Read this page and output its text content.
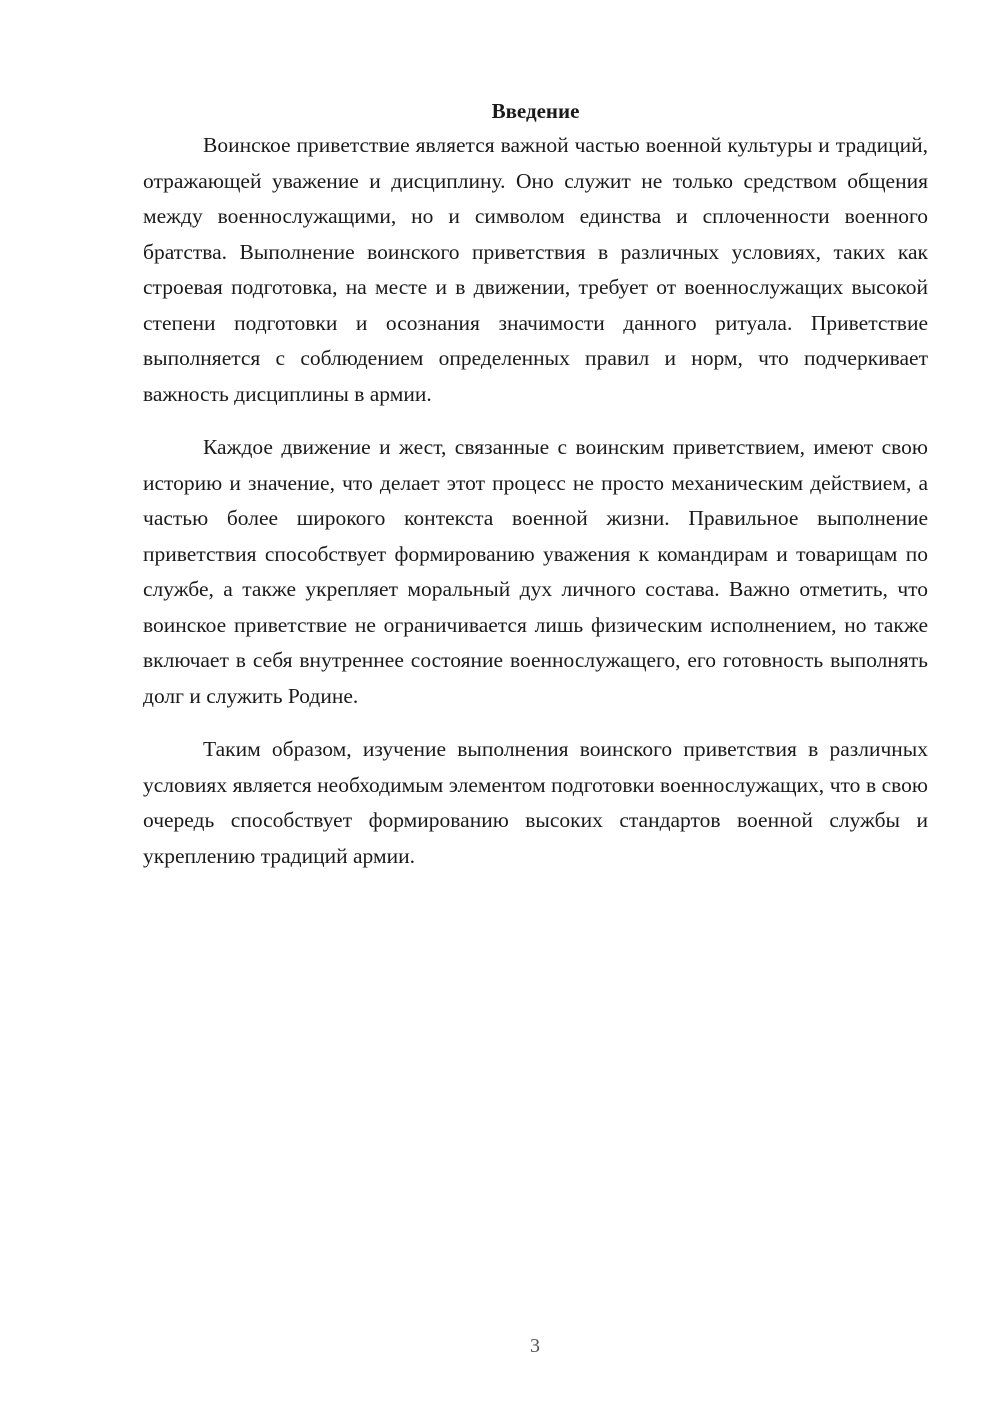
Введение

Воинское приветствие является важной частью военной культуры и традиций, отражающей уважение и дисциплину. Оно служит не только средством общения между военнослужащими, но и символом единства и сплоченности военного братства. Выполнение воинского приветствия в различных условиях, таких как строевая подготовка, на месте и в движении, требует от военнослужащих высокой степени подготовки и осознания значимости данного ритуала. Приветствие выполняется с соблюдением определенных правил и норм, что подчеркивает важность дисциплины в армии.

Каждое движение и жест, связанные с воинским приветствием, имеют свою историю и значение, что делает этот процесс не просто механическим действием, а частью более широкого контекста военной жизни. Правильное выполнение приветствия способствует формированию уважения к командирам и товарищам по службе, а также укрепляет моральный дух личного состава. Важно отметить, что воинское приветствие не ограничивается лишь физическим исполнением, но также включает в себя внутреннее состояние военнослужащего, его готовность выполнять долг и служить Родине.

Таким образом, изучение выполнения воинского приветствия в различных условиях является необходимым элементом подготовки военнослужащих, что в свою очередь способствует формированию высоких стандартов военной службы и укреплению традиций армии.

3
